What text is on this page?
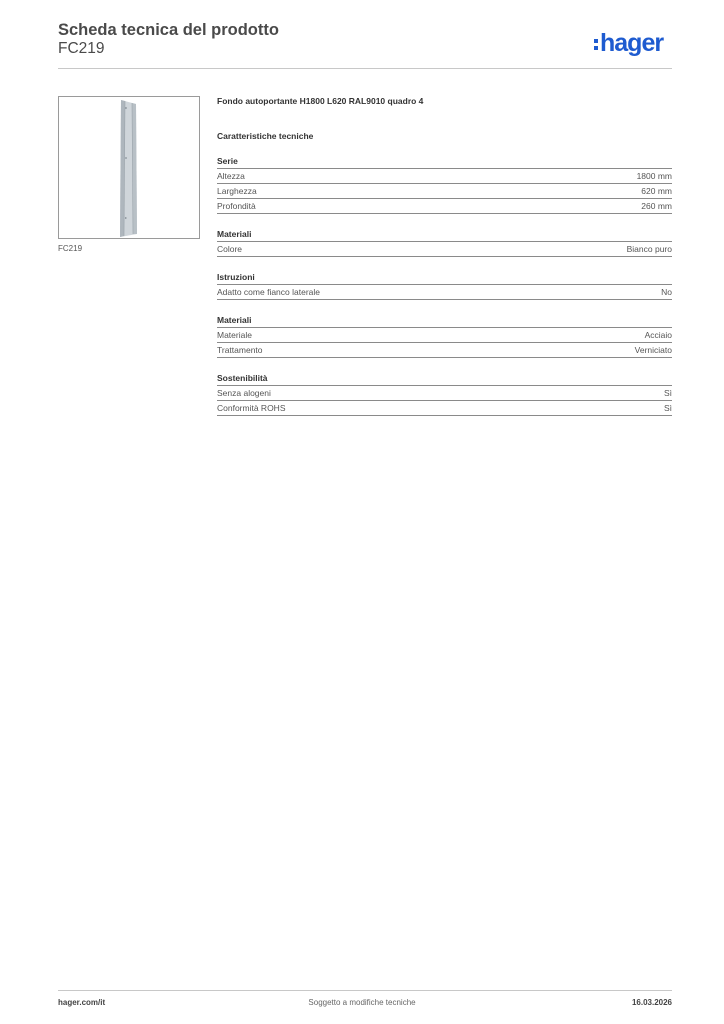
Scheda tecnica del prodotto
FC219	hager
FC219
Fondo autoportante H1800 L620 RAL9010 quadro 4
Caratteristiche tecniche
Serie
Altezza	1800 mm
Larghezza	620 mm
Profondità	260 mm
Materiali
Colore	Bianco puro
Istruzioni
Adatto come fianco laterale	No
Materiali
Materiale	Acciaio
Trattamento	Verniciato
Sostenibilità
Senza alogeni	Sì
Conformità ROHS	Sì
hager.com/it	Soggetto a modifiche tecniche	16.03.2026
